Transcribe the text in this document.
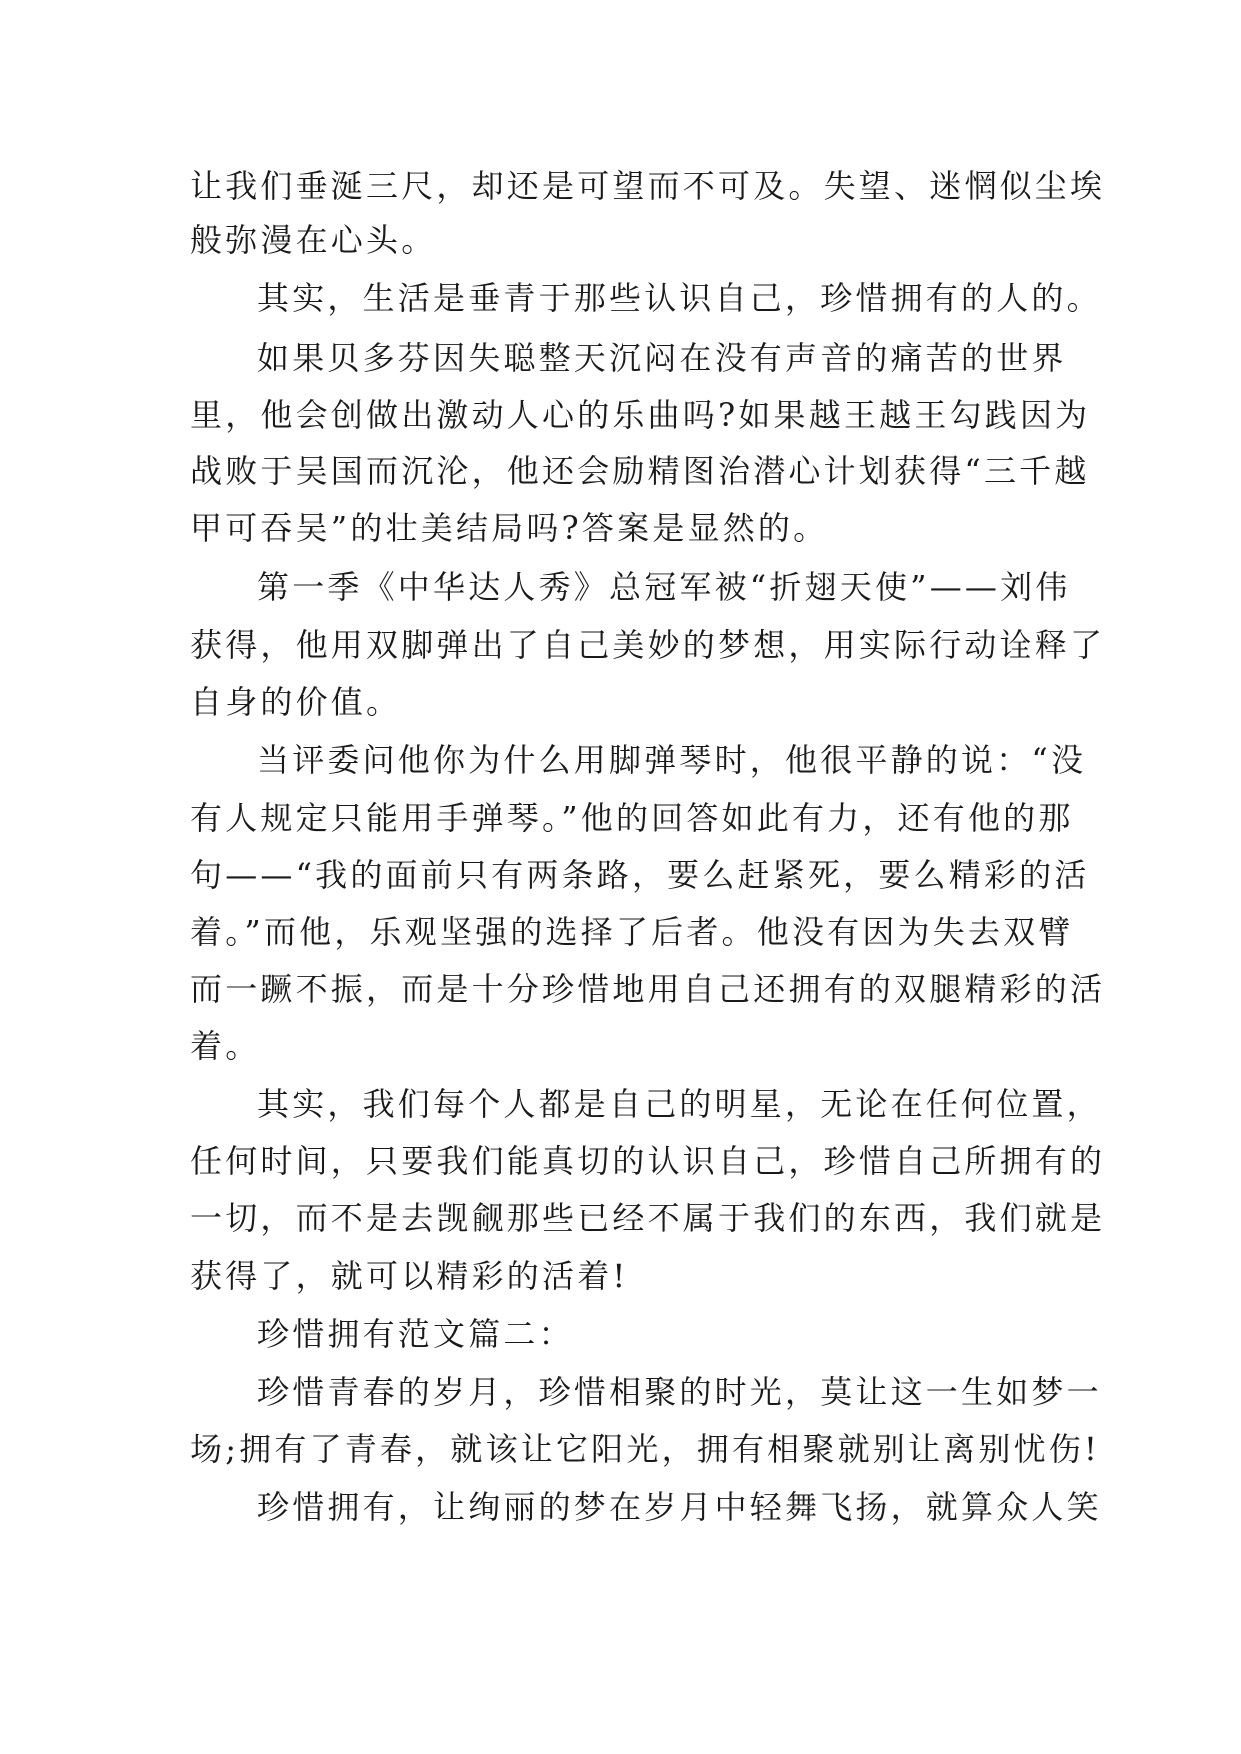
让我们垂涎三尺，却还是可望而不可及。失望、迷惘似尘埃
般弥漫在心头。
其实，生活是垂青于那些认识自己，珍惜拥有的人的。
如果贝多芬因失聪整天沉闷在没有声音的痛苦的世界
里，他会创做出激动人心的乐曲吗?如果越王越王勾践因为
战败于吴国而沉沦，他还会励精图治潜心计划获得“三千越
甲可吞吴”的壮美结局吗?答案是显然的。
第一季《中华达人秀》总冠军被“折翅天使”——刘伟
获得，他用双脚弹出了自己美妙的梦想，用实际行动诠释了
自身的价值。
当评委问他你为什么用脚弹琴时，他很平静的说：“没
有人规定只能用手弹琴。”他的回答如此有力，还有他的那
句——“我的面前只有两条路，要么赶紧死，要么精彩的活
着。”而他，乐观坚强的选择了后者。他没有因为失去双臂
而一蹶不振，而是十分珍惜地用自己还拥有的双腿精彩的活
着。
其实，我们每个人都是自己的明星，无论在任何位置，
任何时间，只要我们能真切的认识自己，珍惜自己所拥有的
一切，而不是去觊觎那些已经不属于我们的东西，我们就是
获得了，就可以精彩的活着!
珍惜拥有范文篇二：
珍惜青春的岁月，珍惜相聚的时光，莫让这一生如梦一
场;拥有了青春，就该让它阳光，拥有相聚就别让离别忧伤!
珍惜拥有，让绚丽的梦在岁月中轻舞飞扬，就算众人笑
